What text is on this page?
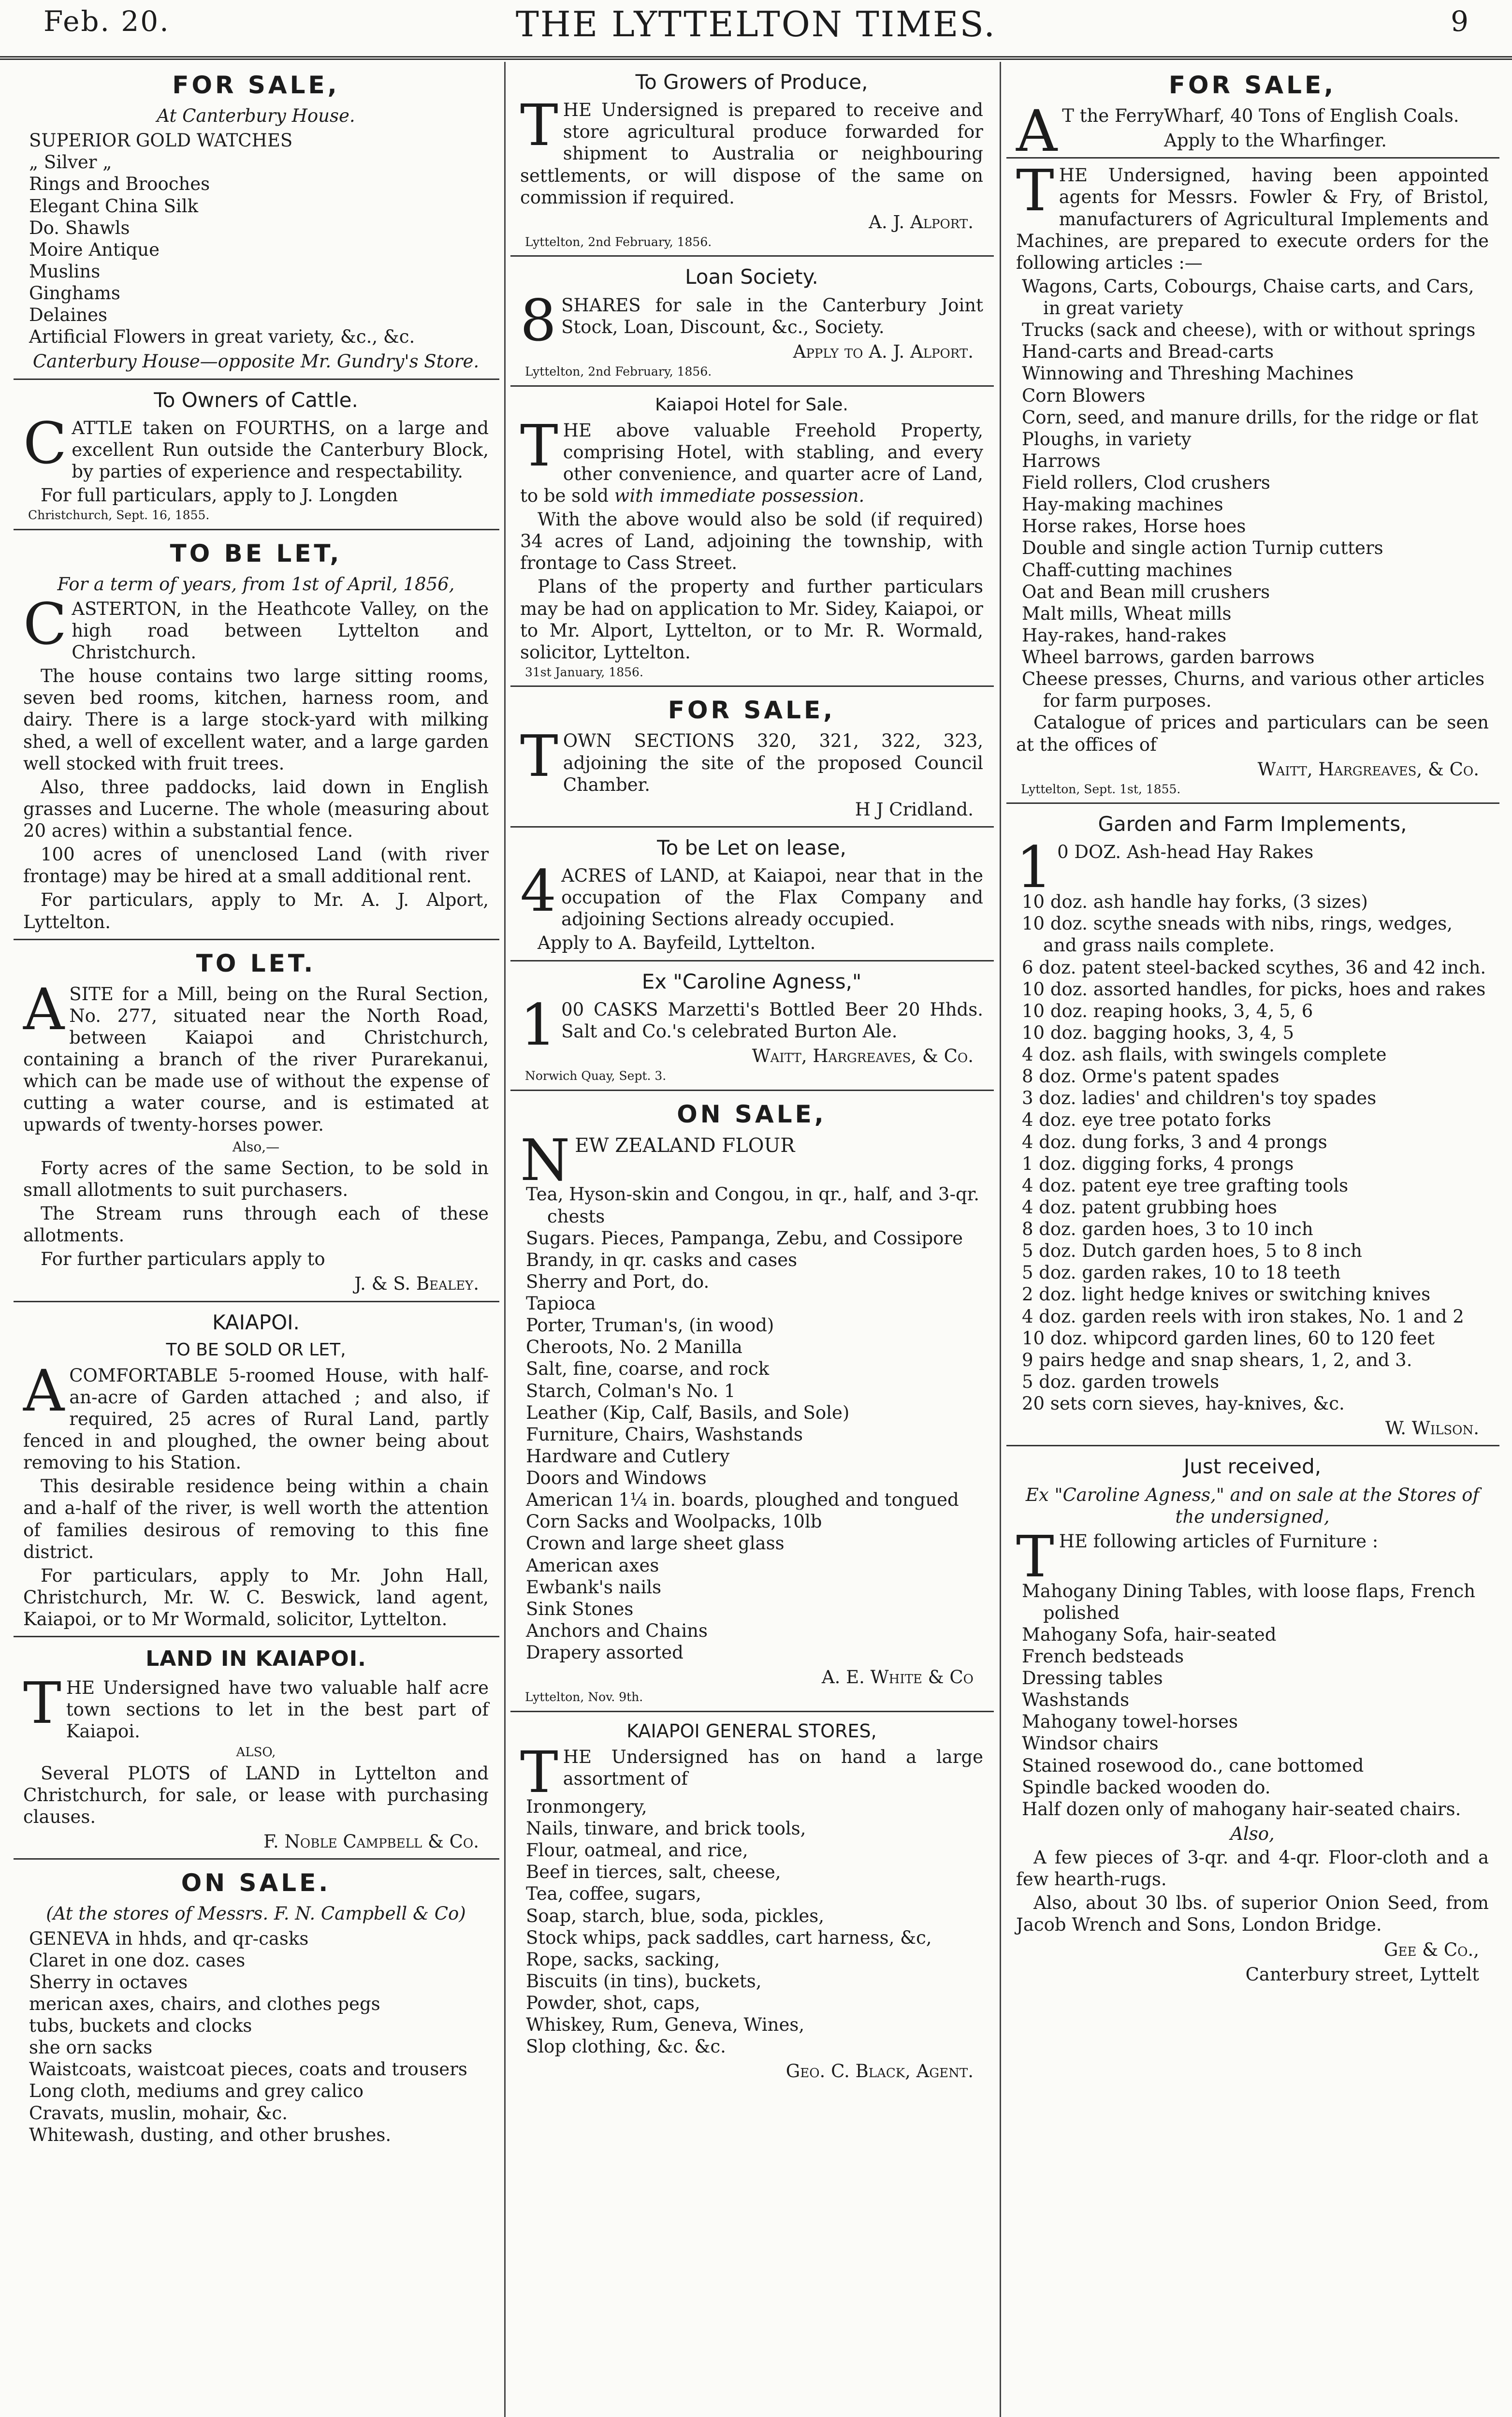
Feb. 20.	THE LYTTELTON TIMES.	9
FOR SALE,
At Canterbury House.
SUPERIOR GOLD WATCHES
„ Silver „
Rings and Brooches
Elegant China Silk
Do. Shawls
Moire Antique
Muslins
Ginghams
Delaines
Artificial Flowers in great variety, &c., &c.

Canterbury House—opposite Mr. Gundry's Store.

To Owners of Cattle.

CATTLE taken on FOURTHS, on a large and excellent Run outside the Canterbury Block, by parties of experience and respectability.

For full particulars, apply to J. Longden

Christchurch, Sept. 16, 1855.

TO BE LET,
For a term of years, from 1st of April, 1856,

CASTERTON, in the Heathcote Valley, on the high road between Lyttelton and Christchurch.

The house contains two large sitting rooms, seven bed rooms, kitchen, harness room, and dairy. There is a large stock-yard with milking shed, a well of excellent water, and a large garden well stocked with fruit trees.

Also, three paddocks, laid down in English grasses and Lucerne. The whole (measuring about 20 acres) within a substantial fence.

100 acres of unenclosed Land (with river frontage) may be hired at a small additional rent.

For particulars, apply to Mr. A. J. Alport, Lyttelton.

TO LET.

ASITE for a Mill, being on the Rural Section, No. 277, situated near the North Road, between Kaiapoi and Christchurch, containing a branch of the river Purarekanui, which can be made use of without the expense of cutting a water course, and is estimated at upwards of twenty-horses power.

Also,—

Forty acres of the same Section, to be sold in small allotments to suit purchasers.

The Stream runs through each of these allotments.

For further particulars apply to

J. & S. Bealey.

KAIAPOI.
TO BE SOLD OR LET,

ACOMFORTABLE 5-roomed House, with half-an-acre of Garden attached ; and also, if required, 25 acres of Rural Land, partly fenced in and ploughed, the owner being about removing to his Station.

This desirable residence being within a chain and a-half of the river, is well worth the attention of families desirous of removing to this fine district.

For particulars, apply to Mr. John Hall, Christchurch, Mr. W. C. Beswick, land agent, Kaiapoi, or to Mr Wormald, solicitor, Lyttelton.

LAND IN KAIAPOI.

THE Undersigned have two valuable half acre town sections to let in the best part of Kaiapoi.

ALSO,

Several PLOTS of LAND in Lyttelton and Christchurch, for sale, or lease with purchasing clauses.

F. Noble Campbell & Co.

ON SALE.
(At the stores of Messrs. F. N. Campbell & Co)
GENEVA in hhds, and qr-casks
Claret in one doz. cases
Sherry in octaves
merican axes, chairs, and clothes pegs
tubs, buckets and clocks
she orn sacks
Waistcoats, waistcoat pieces, coats and trousers
Long cloth, mediums and grey calico
Cravats, muslin, mohair, &c.
Whitewash, dusting, and other brushes.
To Growers of Produce,

THE Undersigned is prepared to receive and store agricultural produce forwarded for shipment to Australia or neighbouring settlements, or will dispose of the same on commission if required.

A. J. Alport.

Lyttelton, 2nd February, 1856.

Loan Society.

8SHARES for sale in the Canterbury Joint Stock, Loan, Discount, &c., Society.

Apply to A. J. Alport.

Lyttelton, 2nd February, 1856.

Kaiapoi Hotel for Sale.

THE above valuable Freehold Property, comprising Hotel, with stabling, and every other convenience, and quarter acre of Land, to be sold with immediate possession.

With the above would also be sold (if required) 34 acres of Land, adjoining the township, with frontage to Cass Street.

Plans of the property and further particulars may be had on application to Mr. Sidey, Kaiapoi, or to Mr. Alport, Lyttelton, or to Mr. R. Wormald, solicitor, Lyttelton.

31st January, 1856.

FOR SALE,

TOWN SECTIONS 320, 321, 322, 323, adjoining the site of the proposed Council Chamber.

H J Cridland.

To be Let on lease,

4ACRES of LAND, at Kaiapoi, near that in the occupation of the Flax Company and adjoining Sections already occupied.

Apply to A. Bayfeild, Lyttelton.

Ex "Caroline Agness,"

100 CASKS Marzetti's Bottled Beer 20 Hhds. Salt and Co.'s celebrated Burton Ale.

Waitt, Hargreaves, & Co.

Norwich Quay, Sept. 3.

ON SALE,

NEW ZEALAND FLOUR

Tea, Hyson-skin and Congou, in qr., half, and 3-qr. chests
Sugars. Pieces, Pampanga, Zebu, and Cossipore
Brandy, in qr. casks and cases
Sherry and Port, do.
Tapioca
Porter, Truman's, (in wood)
Cheroots, No. 2 Manilla
Salt, fine, coarse, and rock
Starch, Colman's No. 1
Leather (Kip, Calf, Basils, and Sole)
Furniture, Chairs, Washstands
Hardware and Cutlery
Doors and Windows
American 1¼ in. boards, ploughed and tongued
Corn Sacks and Woolpacks, 10lb
Crown and large sheet glass
American axes
Ewbank's nails
Sink Stones
Anchors and Chains
Drapery assorted

A. E. White & Co

Lyttelton, Nov. 9th.

KAIAPOI GENERAL STORES,

THE Undersigned has on hand a large assortment of

Ironmongery,
Nails, tinware, and brick tools,
Flour, oatmeal, and rice,
Beef in tierces, salt, cheese,
Tea, coffee, sugars,
Soap, starch, blue, soda, pickles,
Stock whips, pack saddles, cart harness, &c,
Rope, sacks, sacking,
Biscuits (in tins), buckets,
Powder, shot, caps,
Whiskey, Rum, Geneva, Wines,
Slop clothing, &c. &c.

Geo. C. Black, Agent.

FOR SALE,

AT the FerryWharf, 40 Tons of English Coals.

Apply to the Wharfinger.

THE Undersigned, having been appointed agents for Messrs. Fowler & Fry, of Bristol, manufacturers of Agricultural Implements and Machines, are prepared to execute orders for the following articles :—

Wagons, Carts, Cobourgs, Chaise carts, and Cars, in great variety
Trucks (sack and cheese), with or without springs
Hand-carts and Bread-carts
Winnowing and Threshing Machines
Corn Blowers
Corn, seed, and manure drills, for the ridge or flat
Ploughs, in variety
Harrows
Field rollers, Clod crushers
Hay-making machines
Horse rakes, Horse hoes
Double and single action Turnip cutters
Chaff-cutting machines
Oat and Bean mill crushers
Malt mills, Wheat mills
Hay-rakes, hand-rakes
Wheel barrows, garden barrows
Cheese presses, Churns, and various other articles for farm purposes.

Catalogue of prices and particulars can be seen at the offices of

Waitt, Hargreaves, & Co.

Lyttelton, Sept. 1st, 1855.

Garden and Farm Implements,

10 DOZ. Ash-head Hay Rakes

10 doz. ash handle hay forks, (3 sizes)
10 doz. scythe sneads with nibs, rings, wedges, and grass nails complete.
6 doz. patent steel-backed scythes, 36 and 42 inch.
10 doz. assorted handles, for picks, hoes and rakes
10 doz. reaping hooks, 3, 4, 5, 6
10 doz. bagging hooks, 3, 4, 5
4 doz. ash flails, with swingels complete
8 doz. Orme's patent spades
3 doz. ladies' and children's toy spades
4 doz. eye tree potato forks
4 doz. dung forks, 3 and 4 prongs
1 doz. digging forks, 4 prongs
4 doz. patent eye tree grafting tools
4 doz. patent grubbing hoes
8 doz. garden hoes, 3 to 10 inch
5 doz. Dutch garden hoes, 5 to 8 inch
5 doz. garden rakes, 10 to 18 teeth
2 doz. light hedge knives or switching knives
4 doz. garden reels with iron stakes, No. 1 and 2
10 doz. whipcord garden lines, 60 to 120 feet
9 pairs hedge and snap shears, 1, 2, and 3.
5 doz. garden trowels
20 sets corn sieves, hay-knives, &c.

W. Wilson.

Just received,
Ex "Caroline Agness," and on sale at the Stores of the undersigned,

THE following articles of Furniture :

Mahogany Dining Tables, with loose flaps, French polished
Mahogany Sofa, hair-seated
French bedsteads
Dressing tables
Washstands
Mahogany towel-horses
Windsor chairs
Stained rosewood do., cane bottomed
Spindle backed wooden do.
Half dozen only of mahogany hair-seated chairs.

Also,

A few pieces of 3-qr. and 4-qr. Floor-cloth and a few hearth-rugs.

Also, about 30 lbs. of superior Onion Seed, from Jacob Wrench and Sons, London Bridge.

Gee & Co.,

Canterbury street, Lyttelt
